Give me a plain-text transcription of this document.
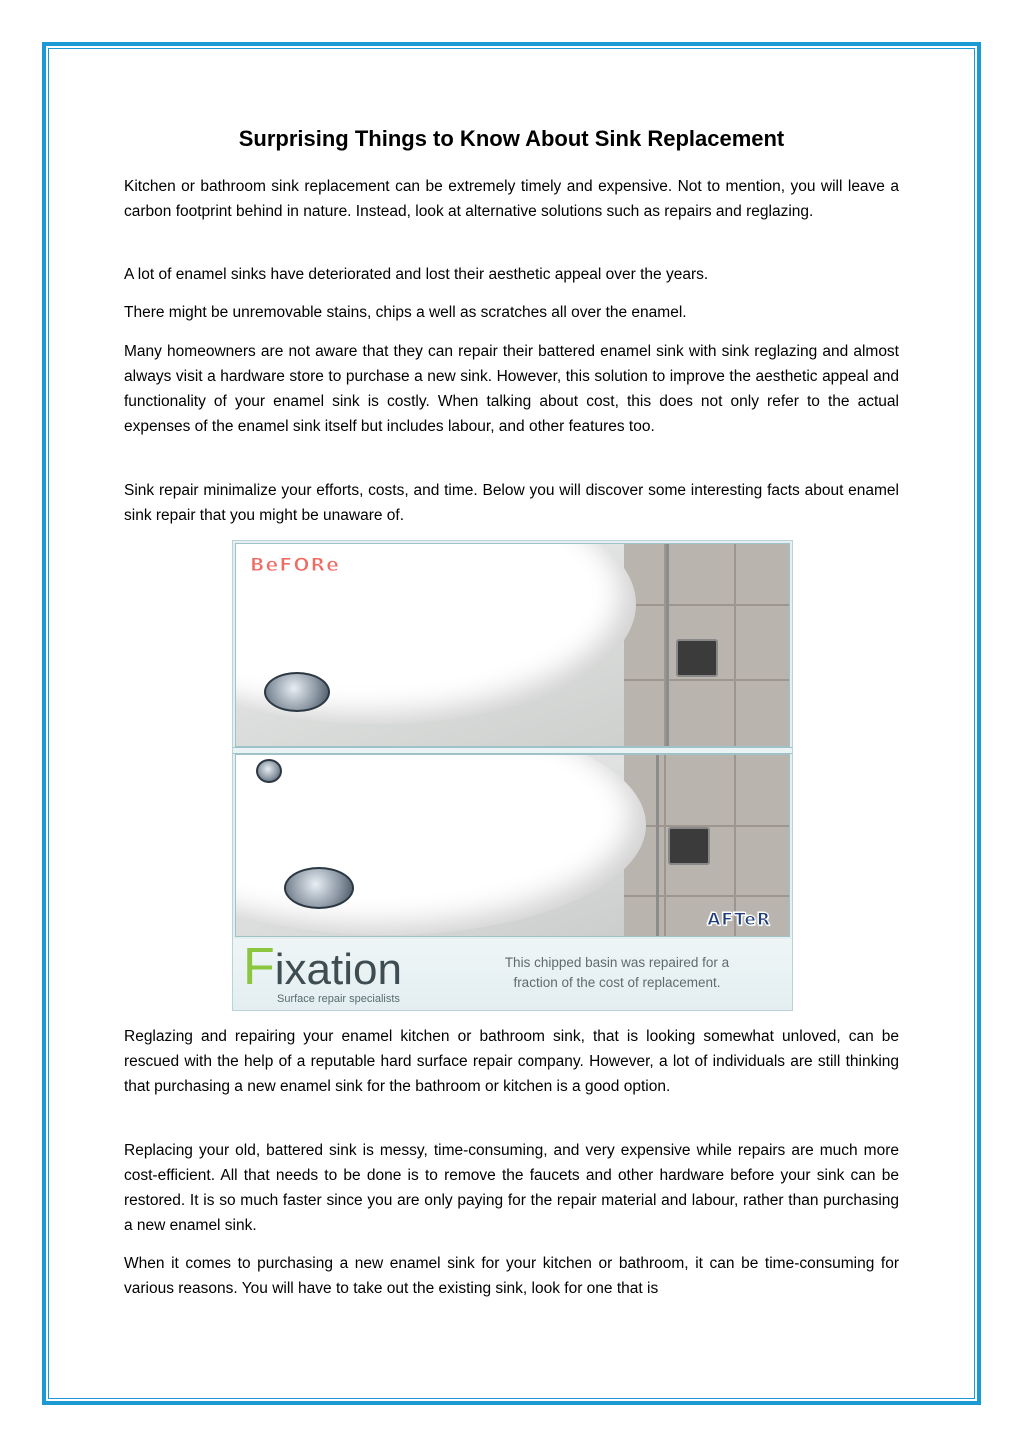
Surprising Things to Know About Sink Replacement

Kitchen or bathroom sink replacement can be extremely timely and expensive. Not to mention, you will leave a carbon footprint behind in nature. Instead, look at alternative solutions such as repairs and reglazing.

A lot of enamel sinks have deteriorated and lost their aesthetic appeal over the years.

There might be unremovable stains, chips a well as scratches all over the enamel.

Many homeowners are not aware that they can repair their battered enamel sink with sink reglazing and almost always visit a hardware store to purchase a new sink. However, this solution to improve the aesthetic appeal and functionality of your enamel sink is costly. When talking about cost, this does not only refer to the actual expenses of the enamel sink itself but includes labour, and other features too.

Sink repair minimalize your efforts, costs, and time. Below you will discover some interesting facts about enamel sink repair that you might be unaware of.

BeFORe
AFTeR
Fixation
Surface repair specialists
This chipped basin was repaired for a fraction of the cost of replacement.

Reglazing and repairing your enamel kitchen or bathroom sink, that is looking somewhat unloved, can be rescued with the help of a reputable hard surface repair company. However, a lot of individuals are still thinking that purchasing a new enamel sink for the bathroom or kitchen is a good option.

Replacing your old, battered sink is messy, time-consuming, and very expensive while repairs are much more cost-efficient. All that needs to be done is to remove the faucets and other hardware before your sink can be restored. It is so much faster since you are only paying for the repair material and labour, rather than purchasing a new enamel sink.

When it comes to purchasing a new enamel sink for your kitchen or bathroom, it can be time-consuming for various reasons. You will have to take out the existing sink, look for one that is
